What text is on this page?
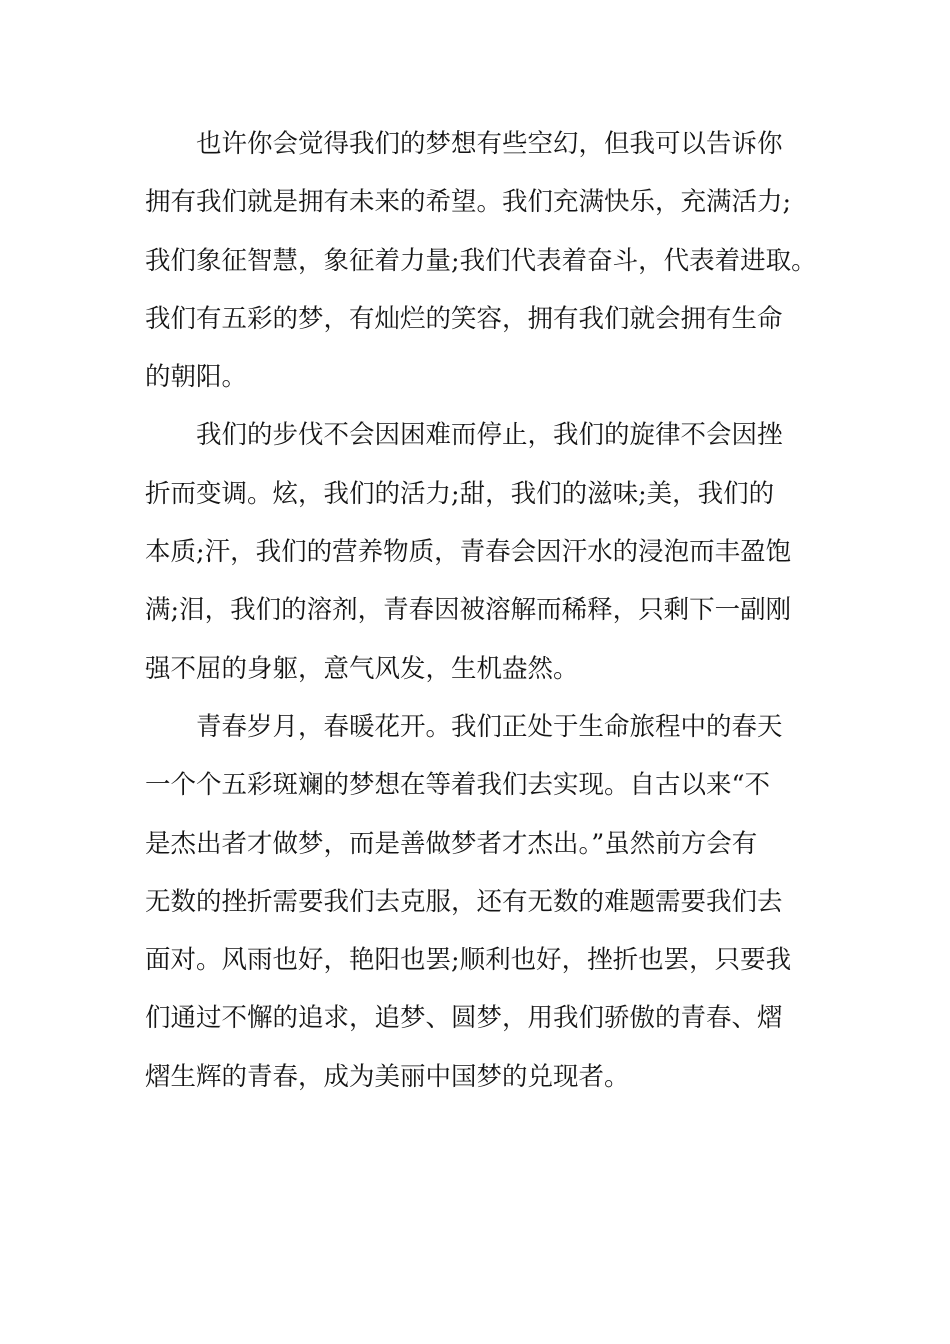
也许你会觉得我们的梦想有些空幻，但我可以告诉你
拥有我们就是拥有未来的希望。我们充满快乐，充满活力;
我们象征智慧，象征着力量;我们代表着奋斗，代表着进取。
我们有五彩的梦，有灿烂的笑容，拥有我们就会拥有生命
的朝阳。
我们的步伐不会因困难而停止，我们的旋律不会因挫
折而变调。炫，我们的活力;甜，我们的滋味;美，我们的
本质;汗，我们的营养物质，青春会因汗水的浸泡而丰盈饱
满;泪，我们的溶剂，青春因被溶解而稀释，只剩下一副刚
强不屈的身躯，意气风发，生机盎然。
青春岁月，春暖花开。我们正处于生命旅程中的春天
一个个五彩斑斓的梦想在等着我们去实现。自古以来“不
是杰出者才做梦，而是善做梦者才杰出。”虽然前方会有
无数的挫折需要我们去克服，还有无数的难题需要我们去
面对。风雨也好，艳阳也罢;顺利也好，挫折也罢，只要我
们通过不懈的追求，追梦、圆梦，用我们骄傲的青春、熠
熠生辉的青春，成为美丽中国梦的兑现者。
